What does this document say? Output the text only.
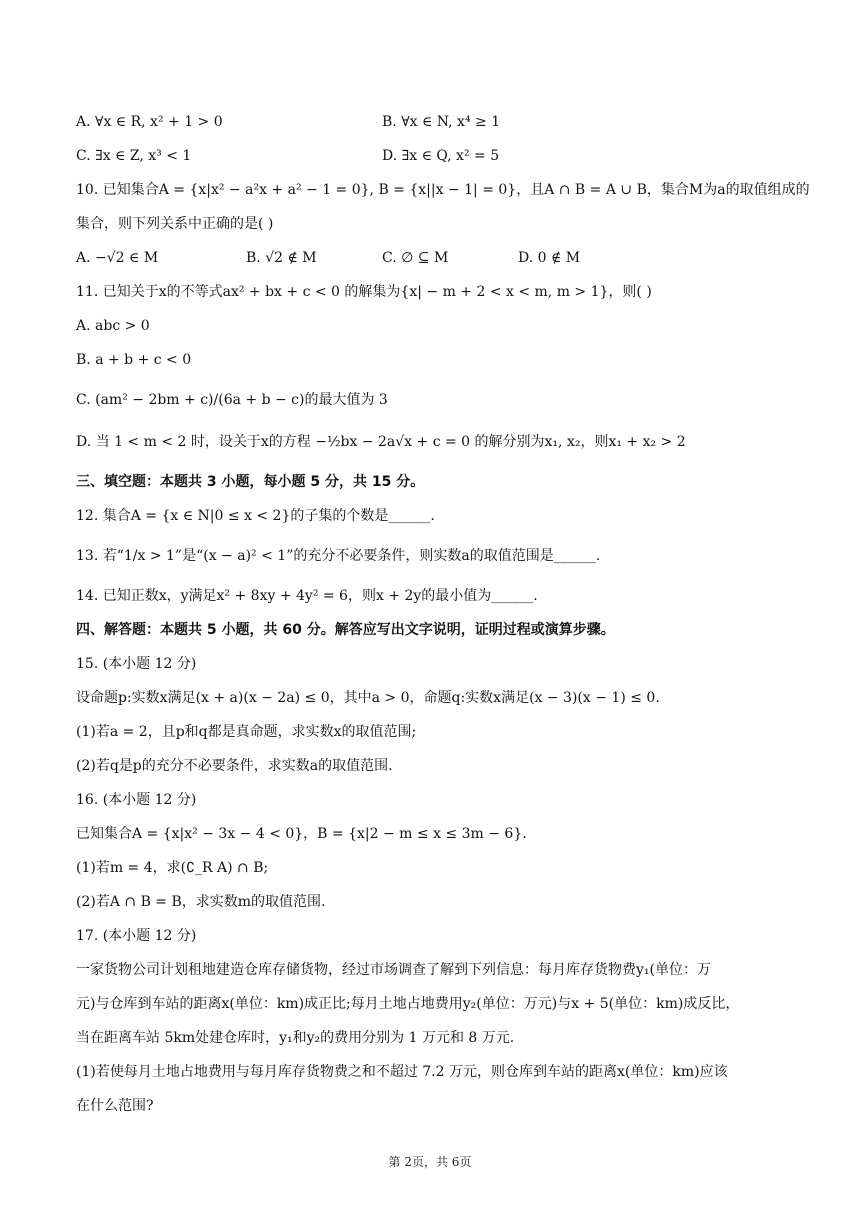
A. ∀x ∈ R, x² + 1 > 0	B. ∀x ∈ N, x⁴ ≥ 1
C. ∃x ∈ Z, x³ < 1	D. ∃x ∈ Q, x² = 5
10. 已知集合A = {x|x² − a²x + a² − 1 = 0}, B = {x||x − 1| = 0}，且A ∩ B = A ∪ B，集合M为a的取值组成的
集合，则下列关系中正确的是( )
A. −√2 ∈ M	B. √2 ∉ M	C. ∅ ⊆ M	D. 0 ∉ M
11. 已知关于x的不等式ax² + bx + c < 0 的解集为{x| − m + 2 < x < m, m > 1}，则( )
A. abc > 0
B. a + b + c < 0
C. (am² − 2bm + c)/(6a + b − c)的最大值为 3
D. 当 1 < m < 2 时，设关于x的方程 −½bx − 2a√x + c = 0 的解分别为x₁, x₂，则x₁ + x₂ > 2
三、填空题：本题共 3 小题，每小题 5 分，共 15 分。
12. 集合A = {x ∈ N|0 ≤ x < 2}的子集的个数是______.
13. 若“1/x > 1”是“(x − a)² < 1”的充分不必要条件，则实数a的取值范围是______.
14. 已知正数x，y满足x² + 8xy + 4y² = 6，则x + 2y的最小值为______.
四、解答题：本题共 5 小题，共 60 分。解答应写出文字说明，证明过程或演算步骤。
15. (本小题 12 分)
设命题p:实数x满足(x + a)(x − 2a) ≤ 0，其中a > 0，命题q:实数x满足(x − 3)(x − 1) ≤ 0.
(1)若a = 2，且p和q都是真命题，求实数x的取值范围;
(2)若q是p的充分不必要条件，求实数a的取值范围.
16. (本小题 12 分)
已知集合A = {x|x² − 3x − 4 < 0}，B = {x|2 − m ≤ x ≤ 3m − 6}.
(1)若m = 4，求(∁_R A) ∩ B;
(2)若A ∩ B = B，求实数m的取值范围.
17. (本小题 12 分)
一家货物公司计划租地建造仓库存储货物，经过市场调查了解到下列信息：每月库存货物费y₁(单位：万
元)与仓库到车站的距离x(单位：km)成正比;每月土地占地费用y₂(单位：万元)与x + 5(单位：km)成反比，
当在距离车站 5km处建仓库时，y₁和y₂的费用分别为 1 万元和 8 万元.
(1)若使每月土地占地费用与每月库存货物费之和不超过 7.2 万元，则仓库到车站的距离x(单位：km)应该
在什么范围?
第 2页，共 6页
